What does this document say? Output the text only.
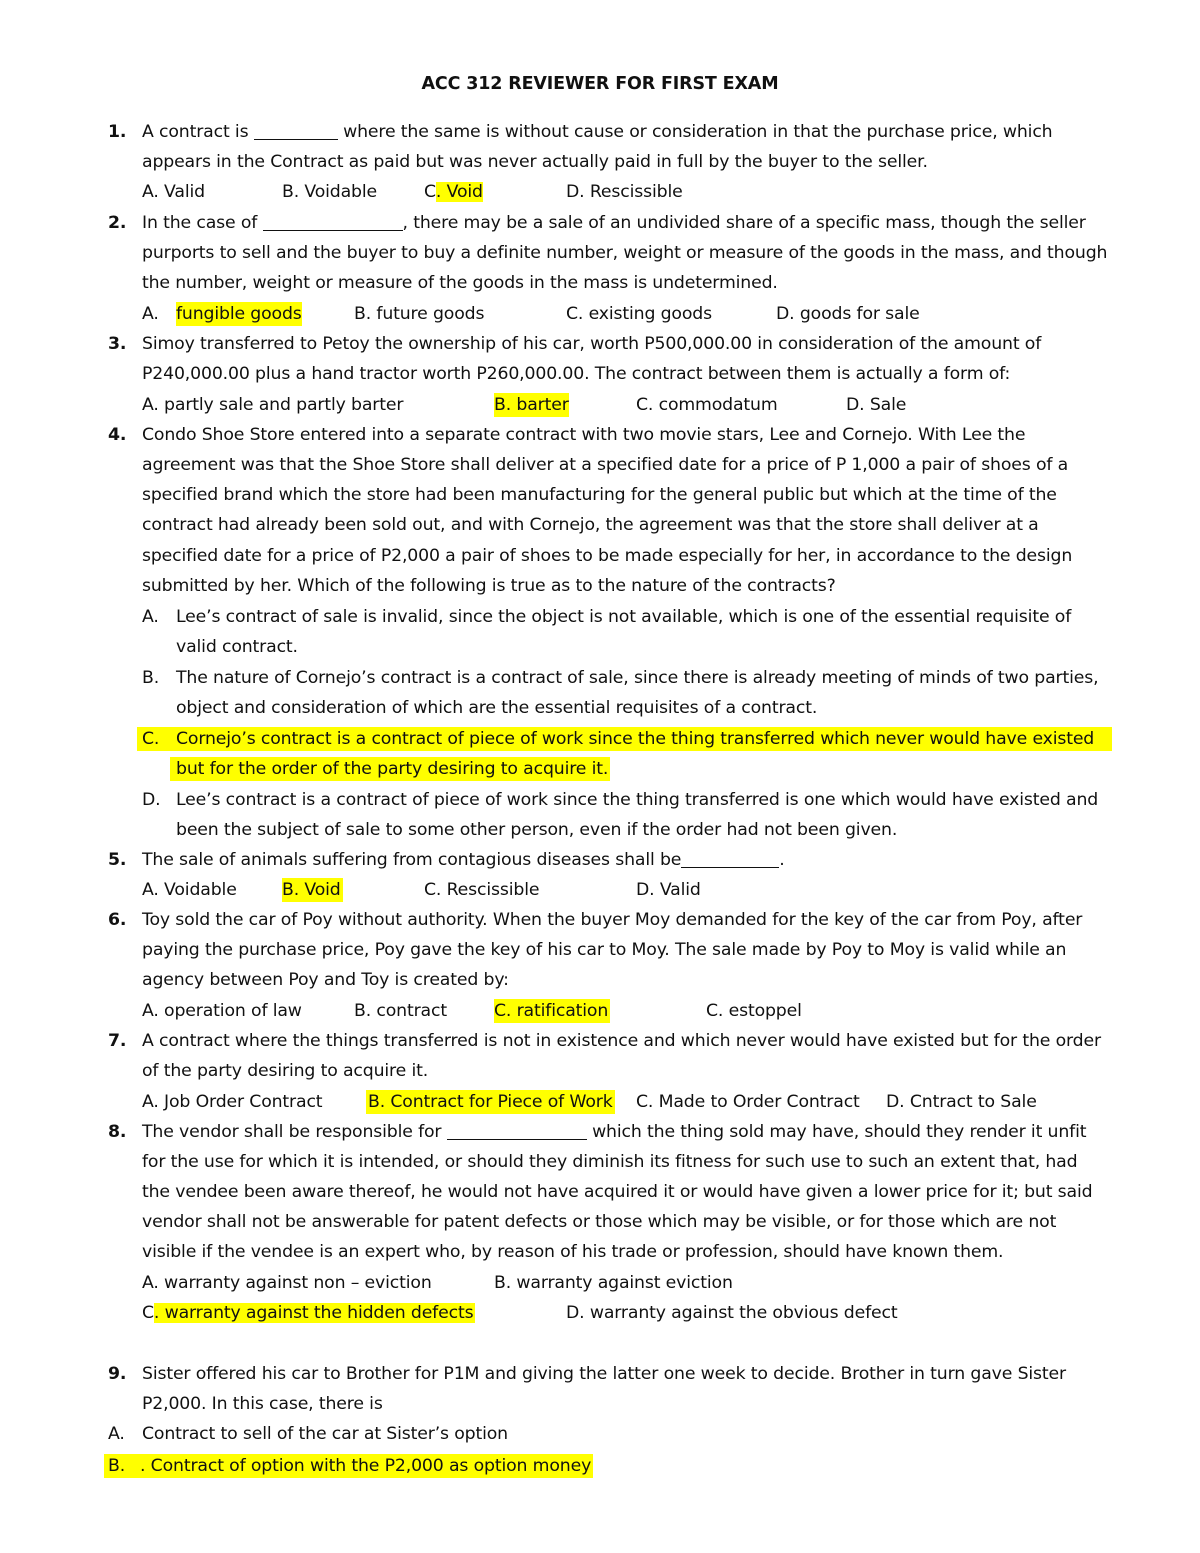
ACC 312 REVIEWER FOR FIRST EXAM
1. A contract is	where the same is without cause or consideration in that the purchase price, which
appears in the Contract as paid but was never actually paid in full by the buyer to the seller.
A. Valid	B. Voidable	C. Void	D. Rescissible
2. In the case of	, there may be a sale of an undivided share of a specific mass, though the seller
purports to sell and the buyer to buy a definite number, weight or measure of the goods in the mass, and though
the number, weight or measure of the goods in the mass is undetermined.
A. fungible goods	B. future goods	C. existing goods	D. goods for sale
3. Simoy transferred to Petoy the ownership of his car, worth P500,000.00 in consideration of the amount of
P240,000.00 plus a hand tractor worth P260,000.00. The contract between them is actually a form of:
A. partly sale and partly barter	B. barter	C. commodatum	D. Sale
4. Condo Shoe Store entered into a separate contract with two movie stars, Lee and Cornejo. With Lee the
agreement was that the Shoe Store shall deliver at a specified date for a price of P 1,000 a pair of shoes of a
specified brand which the store had been manufacturing for the general public but which at the time of the
contract had already been sold out, and with Cornejo, the agreement was that the store shall deliver at a
specified date for a price of P2,000 a pair of shoes to be made especially for her, in accordance to the design
submitted by her. Which of the following is true as to the nature of the contracts?
A. Lee’s contract of sale is invalid, since the object is not available, which is one of the essential requisite of
valid contract.
B. The nature of Cornejo’s contract is a contract of sale, since there is already meeting of minds of two parties,
object and consideration of which are the essential requisites of a contract.
C. Cornejo’s contract is a contract of piece of work since the thing transferred which never would have existed
but for the order of the party desiring to acquire it.
D. Lee’s contract is a contract of piece of work since the thing transferred is one which would have existed and
been the subject of sale to some other person, even if the order had not been given.
5. The sale of animals suffering from contagious diseases shall be	.
A. Voidable	B. Void	C. Rescissible	D. Valid
6. Toy sold the car of Poy without authority. When the buyer Moy demanded for the key of the car from Poy, after
paying the purchase price, Poy gave the key of his car to Moy. The sale made by Poy to Moy is valid while an
agency between Poy and Toy is created by:
A. operation of law	B. contract	C. ratification	C. estoppel
7. A contract where the things transferred is not in existence and which never would have existed but for the order
of the party desiring to acquire it.
A. Job Order Contract	B. Contract for Piece of Work C. Made to Order Contract D. Cntract to Sale
8. The vendor shall be responsible for	which the thing sold may have, should they render it unfit
for the use for which it is intended, or should they diminish its fitness for such use to such an extent that, had
the vendee been aware thereof, he would not have acquired it or would have given a lower price for it; but said
vendor shall not be answerable for patent defects or those which may be visible, or for those which are not
visible if the vendee is an expert who, by reason of his trade or profession, should have known them.
A. warranty against non – eviction	B. warranty against eviction
C. warranty against the hidden defects	D. warranty against the obvious defect
9. Sister offered his car to Brother for P1M and giving the latter one week to decide. Brother in turn gave Sister
P2,000. In this case, there is
A. Contract to sell of the car at Sister’s option
B. . Contract of option with the P2,000 as option money
